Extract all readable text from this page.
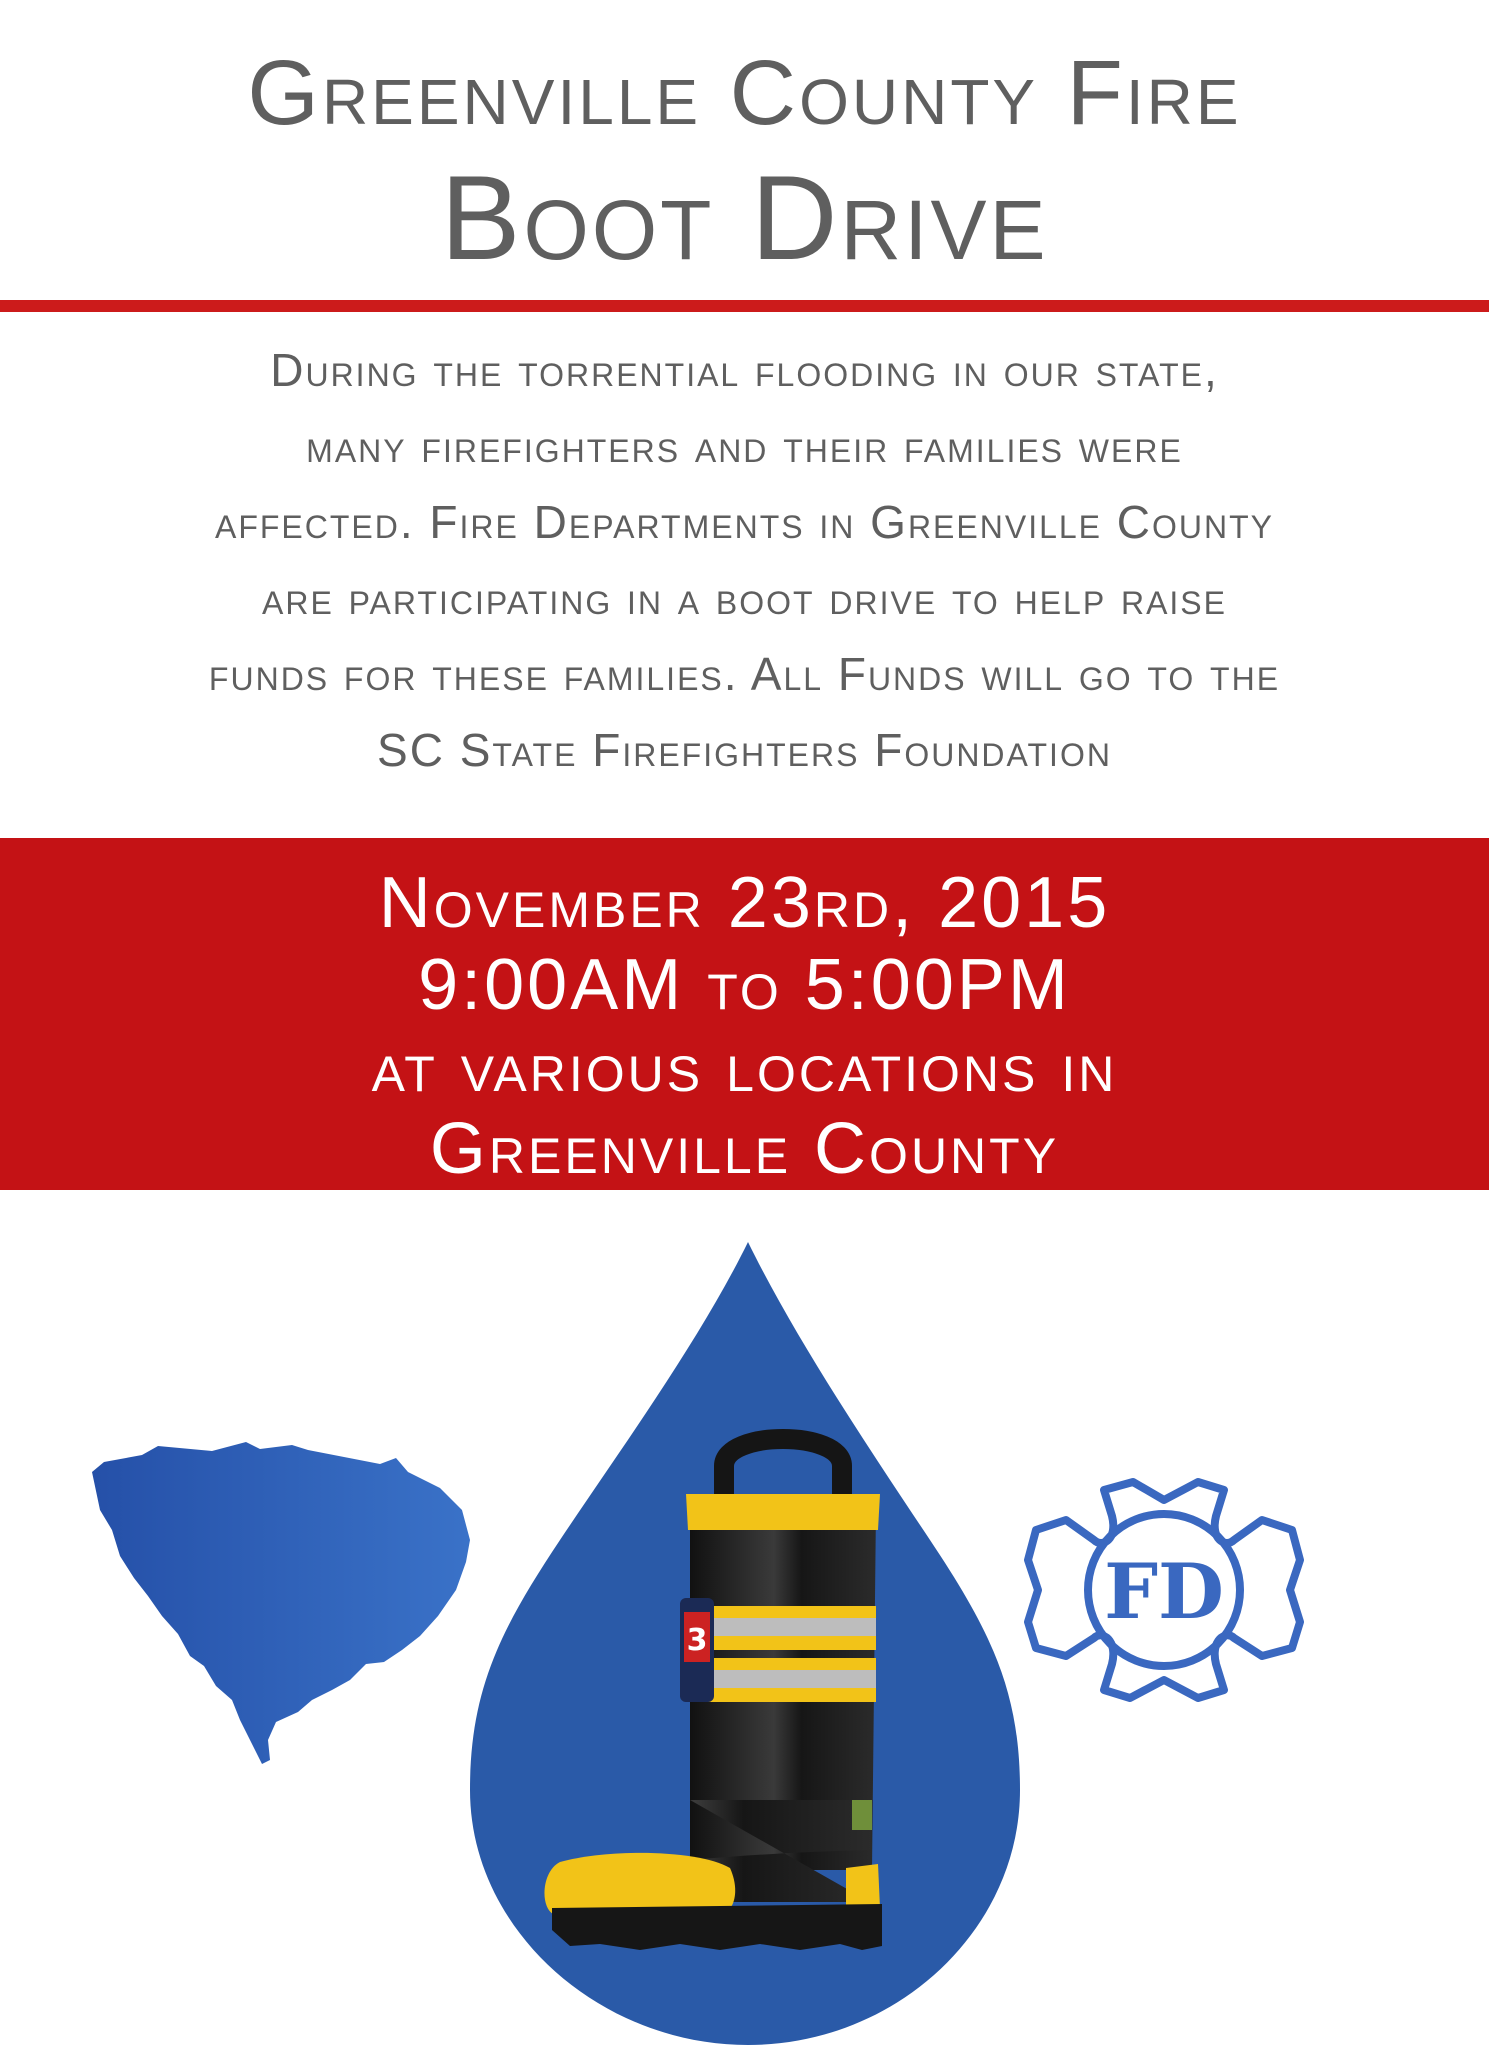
Greenville County Fire
Boot Drive
During the torrential flooding in our state,
many firefighters and their families were
affected. Fire Departments in Greenville County
are participating in a boot drive to help raise
funds for these families. All Funds will go to the
SC State Firefighters Foundation
November 23rd, 2015
9:00AM to 5:00PM
at various locations in
Greenville County
3
FD
